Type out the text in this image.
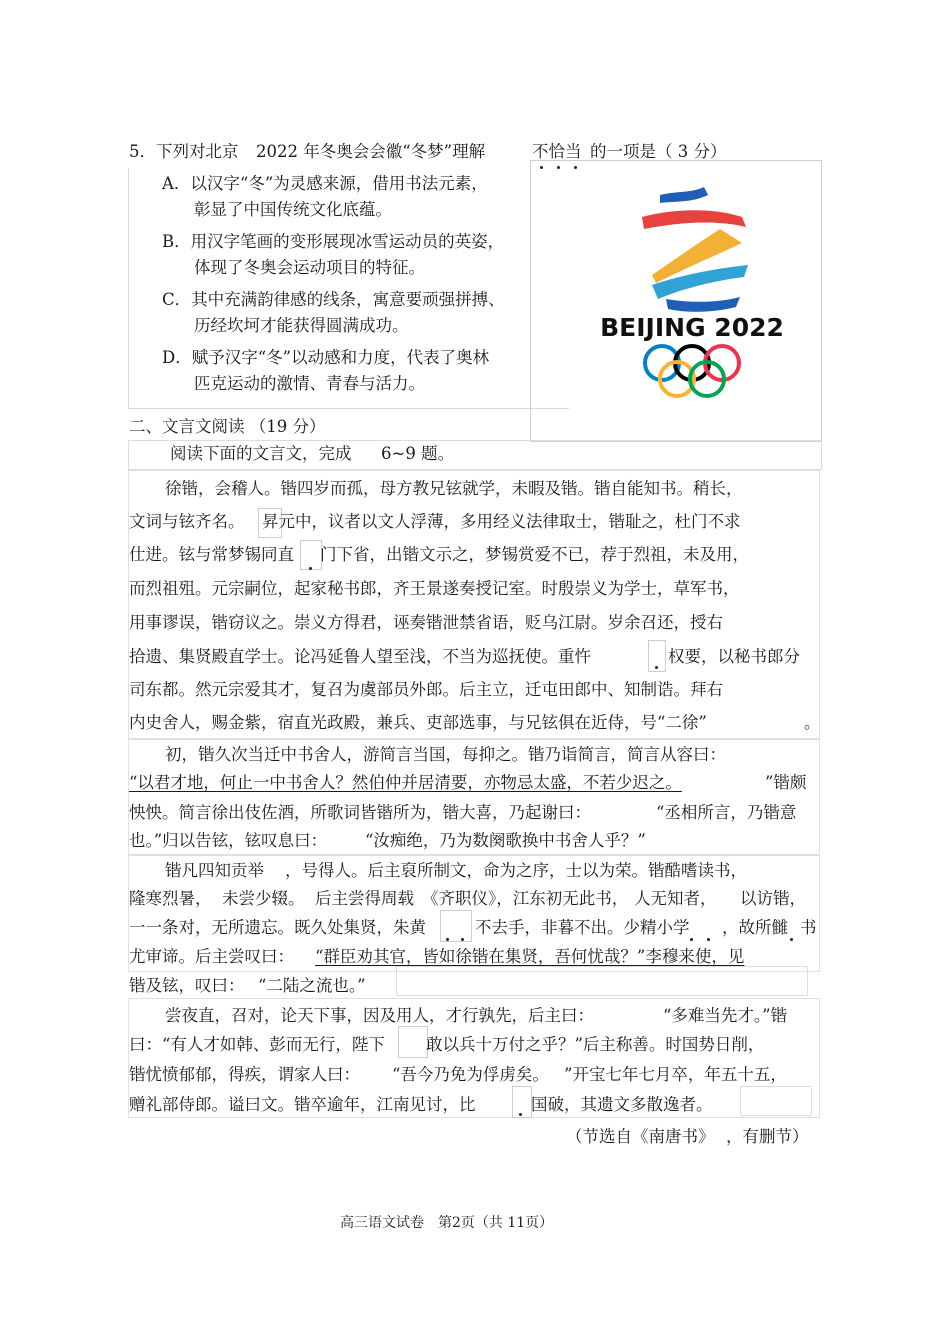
5．下列对北京 2022 年冬奥会会徽“冬梦”理解	不恰当 的一项是（ 3 分）
A．以汉字“冬”为灵感来源，借用书法元素，
彰显了中国传统文化底蕴。
B．用汉字笔画的变形展现冰雪运动员的英姿，
体现了冬奥会运动项目的特征。
C．其中充满韵律感的线条，寓意要顽强拼搏、
历经坎坷才能获得圆满成功。
D．赋予汉字“冬”以动感和力度，代表了奥林
匹克运动的激情、青春与活力。
BEIJING 2022
二、文言文阅读 （19 分）
阅读下面的文言文，完成 6~9 题。
徐锴，会稽人。锴四岁而孤，母方教兄铉就学，未暇及锴。锴自能知书。稍长，
文词与铉齐名。 昇元中，议者以文人浮薄，多用经义法律取士，锴耻之，杜门不求
仕进。铉与常梦锡同直 门下省，出锴文示之，梦锡赏爱不已，荐于烈祖，未及用，
而烈祖殂。元宗嗣位，起家秘书郎，齐王景遂奏授记室。时殷崇义为学士，草军书，
用事谬误，锴窃议之。崇义方得君，诬奏锴泄禁省语，贬乌江尉。岁余召还，授右
拾遗、集贤殿直学士。论冯延鲁人望至浅，不当为巡抚使。重忤	权要，以秘书郎分
司东都。然元宗爱其才，复召为虞部员外郎。后主立，迁屯田郎中、知制诰。拜右
内史舍人，赐金紫，宿直光政殿，兼兵、吏部选事，与兄铉俱在近侍，号“二徐”	。
初，锴久次当迁中书舍人，游简言当国，每抑之。锴乃诣简言，简言从容曰：
“以君才地，何止一中书舍人？然伯仲并居清要，亦物忌太盛，不若少迟之。	”锴颇
怏怏。简言徐出伎佐酒，所歌词皆锴所为，锴大喜，乃起谢曰：	“丞相所言，乃锴意
也。”归以告铉，铉叹息曰： “汝痴绝，乃为数阕歌换中书舍人乎？”
锴凡四知贡举 ，号得人。后主裒所制文，命为之序，士以为荣。锴酷嗜读书，
隆寒烈暑， 未尝少辍。 后主尝得周载 《齐职仪》，江东初无此书， 人无知者， 以访锴，
一一条对，无所遗忘。既久处集贤，朱黄	不去手，非暮不出。少精小学 ，故所雠 书
尤审谛。后主尝叹曰： “群臣劝其官，皆如徐锴在集贤，吾何忧哉？”李穆来使，见
锴及铉，叹曰： “二陆之流也。”
尝夜直，召对，论天下事，因及用人，才行孰先，后主曰：	“多难当先才。”锴
曰：“有人才如韩、彭而无行，陛下 敢以兵十万付之乎？”后主称善。时国势日削，
锴忧愤郁郁，得疾，谓家人曰： “吾今乃免为俘虏矣。 ”开宝七年七月卒，年五十五，
赠礼部侍郎。谥曰文。锴卒逾年，江南见讨，比	国破，其遗文多散逸者。
（节选自《南唐书》 ，有删节）
高三语文试卷　第2页（共 11页）
